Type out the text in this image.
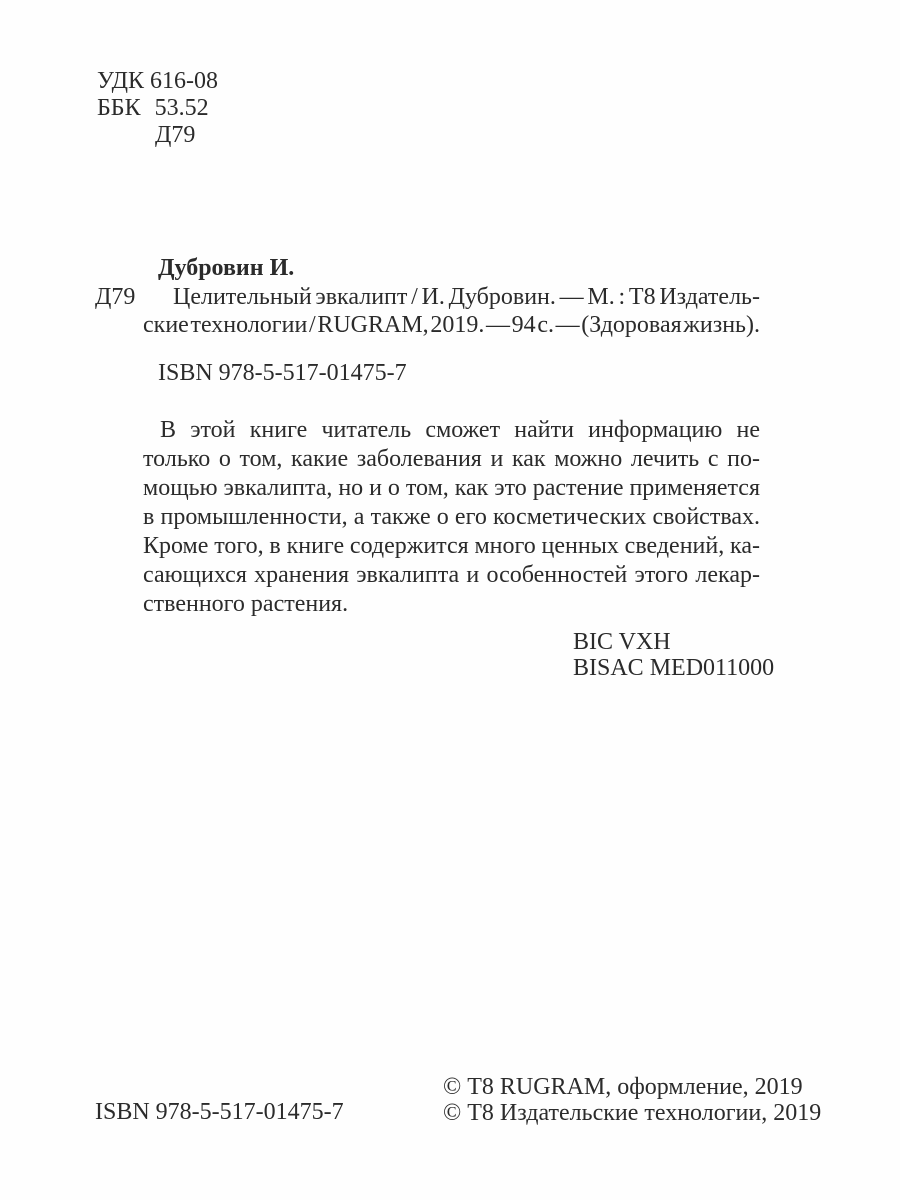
УДК 616-08
ББК 53.52
Д79
Дубровин И.
Д79 Целительный эвкалипт / И. Дубровин. — М. : Т8 Издатель-
ские технологии / RUGRAM, 2019. — 94 с. — (Здоровая жизнь).
ISBN 978-5-517-01475-7
В этой книге читатель сможет найти информацию не
только о том, какие заболевания и как можно лечить с по-
мощью эвкалипта, но и о том, как это растение применяется
в промышленности, а также о его косметических свойствах.
Кроме того, в книге содержится много ценных сведений, ка-
сающихся хранения эвкалипта и особенностей этого лекар-
ственного растения.
BIC VXH
BISAC MED011000
ISBN 978-5-517-01475-7
© Т8 RUGRAM, оформление, 2019
© Т8 Издательские технологии, 2019
